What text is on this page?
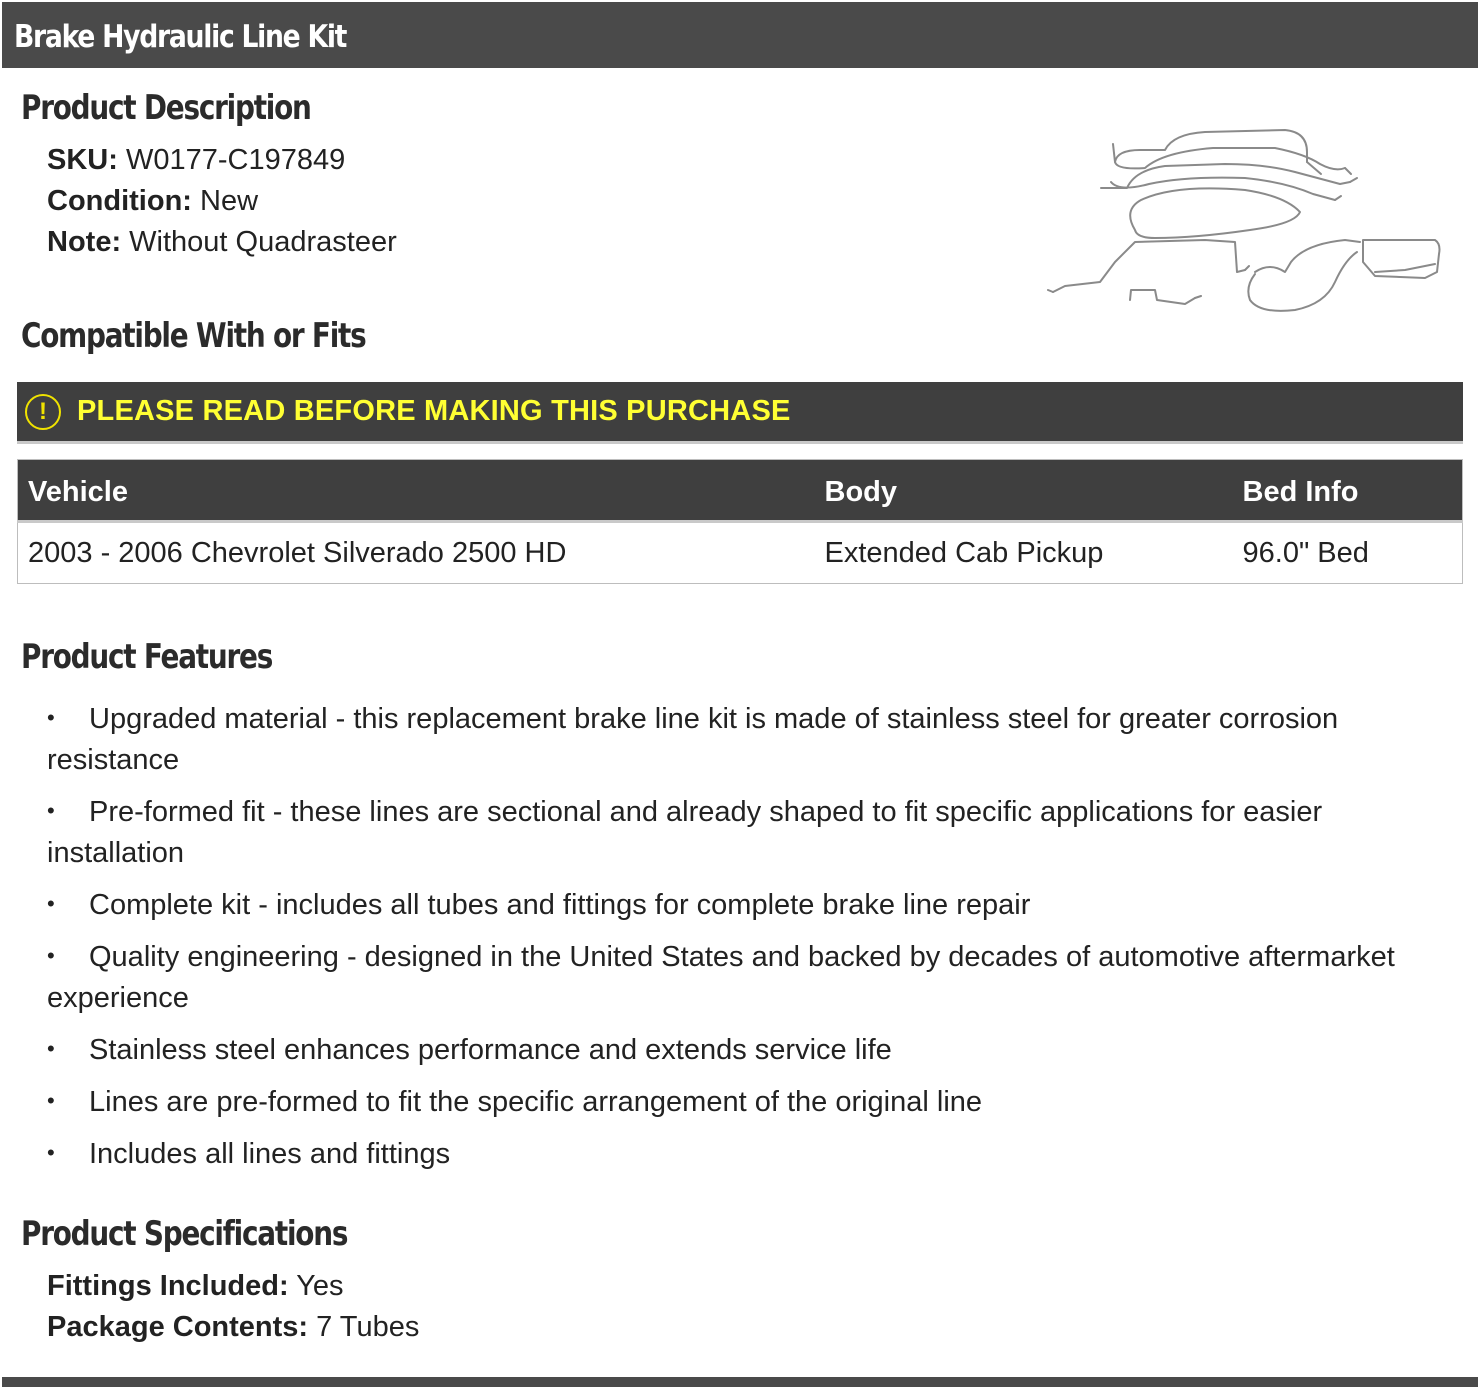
Brake Hydraulic Line Kit
Product Description
SKU: W0177-C197849
Condition: New
Note: Without Quadrasteer
Compatible With or Fits
!	PLEASE READ BEFORE MAKING THIS PURCHASE
Vehicle	Body	Bed Info
2003 - 2006 Chevrolet Silverado 2500 HD	Extended Cab Pickup	96.0" Bed
Product Features
• Upgraded material - this replacement brake line kit is made of stainless steel for greater corrosion resistance
• Pre-formed fit - these lines are sectional and already shaped to fit specific applications for easier installation
• Complete kit - includes all tubes and fittings for complete brake line repair
• Quality engineering - designed in the United States and backed by decades of automotive aftermarket experience
• Stainless steel enhances performance and extends service life
• Lines are pre-formed to fit the specific arrangement of the original line
• Includes all lines and fittings
Product Specifications
Fittings Included: Yes
Package Contents: 7 Tubes
